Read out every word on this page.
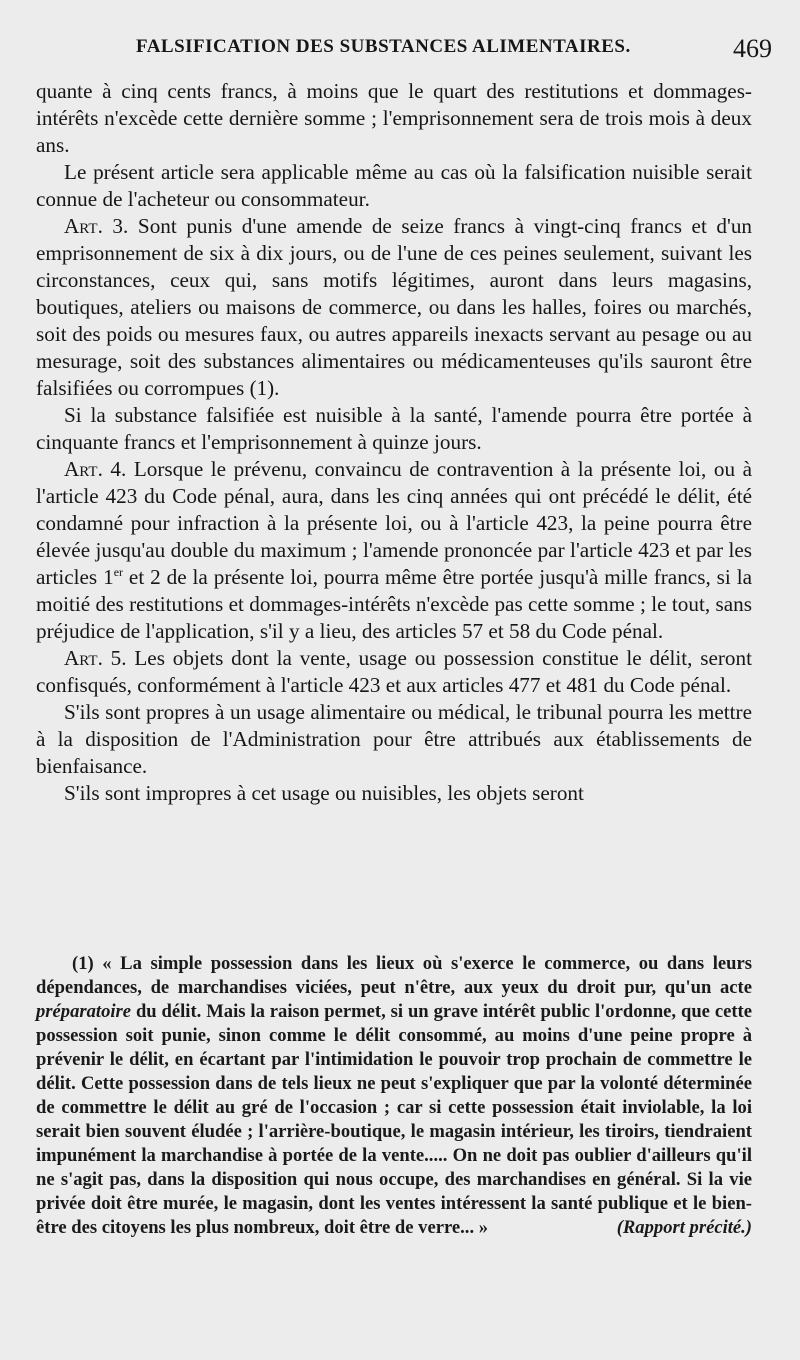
FALSIFICATION DES SUBSTANCES ALIMENTAIRES.	469

quante à cinq cents francs, à moins que le quart des restitutions et dommages-intérêts n'excède cette dernière somme ; l'emprisonnement sera de trois mois à deux ans.

Le présent article sera applicable même au cas où la falsification nuisible serait connue de l'acheteur ou consommateur.

Art. 3. Sont punis d'une amende de seize francs à vingt-cinq francs et d'un emprisonnement de six à dix jours, ou de l'une de ces peines seulement, suivant les circonstances, ceux qui, sans motifs légitimes, auront dans leurs magasins, boutiques, ateliers ou maisons de commerce, ou dans les halles, foires ou marchés, soit des poids ou mesures faux, ou autres appareils inexacts servant au pesage ou au mesurage, soit des substances alimentaires ou médicamenteuses qu'ils sauront être falsifiées ou corrompues (1).

Si la substance falsifiée est nuisible à la santé, l'amende pourra être portée à cinquante francs et l'emprisonnement à quinze jours.

Art. 4. Lorsque le prévenu, convaincu de contravention à la présente loi, ou à l'article 423 du Code pénal, aura, dans les cinq années qui ont précédé le délit, été condamné pour infraction à la présente loi, ou à l'article 423, la peine pourra être élevée jusqu'au double du maximum ; l'amende prononcée par l'article 423 et par les articles 1er et 2 de la présente loi, pourra même être portée jusqu'à mille francs, si la moitié des restitutions et dommages-intérêts n'excède pas cette somme ; le tout, sans préjudice de l'application, s'il y a lieu, des articles 57 et 58 du Code pénal.

Art. 5. Les objets dont la vente, usage ou possession constitue le délit, seront confisqués, conformément à l'article 423 et aux articles 477 et 481 du Code pénal.

S'ils sont propres à un usage alimentaire ou médical, le tribunal pourra les mettre à la disposition de l'Administration pour être attribués aux établissements de bienfaisance.

S'ils sont impropres à cet usage ou nuisibles, les objets seront

(1) « La simple possession dans les lieux où s'exerce le commerce, ou dans leurs dépendances, de marchandises viciées, peut n'être, aux yeux du droit pur, qu'un acte préparatoire du délit. Mais la raison permet, si un grave intérêt public l'ordonne, que cette possession soit punie, sinon comme le délit consommé, au moins d'une peine propre à prévenir le délit, en écartant par l'intimidation le pouvoir trop prochain de commettre le délit. Cette possession dans de tels lieux ne peut s'expliquer que par la volonté déterminée de commettre le délit au gré de l'occasion ; car si cette possession était inviolable, la loi serait bien souvent éludée ; l'arrière-boutique, le magasin intérieur, les tiroirs, tiendraient impunément la marchandise à portée de la vente..... On ne doit pas oublier d'ailleurs qu'il ne s'agit pas, dans la disposition qui nous occupe, des marchandises en général. Si la vie privée doit être murée, le magasin, dont les ventes intéressent la santé publique et le bien-être des citoyens les plus nombreux, doit être de verre... »	(Rapport précité.)
